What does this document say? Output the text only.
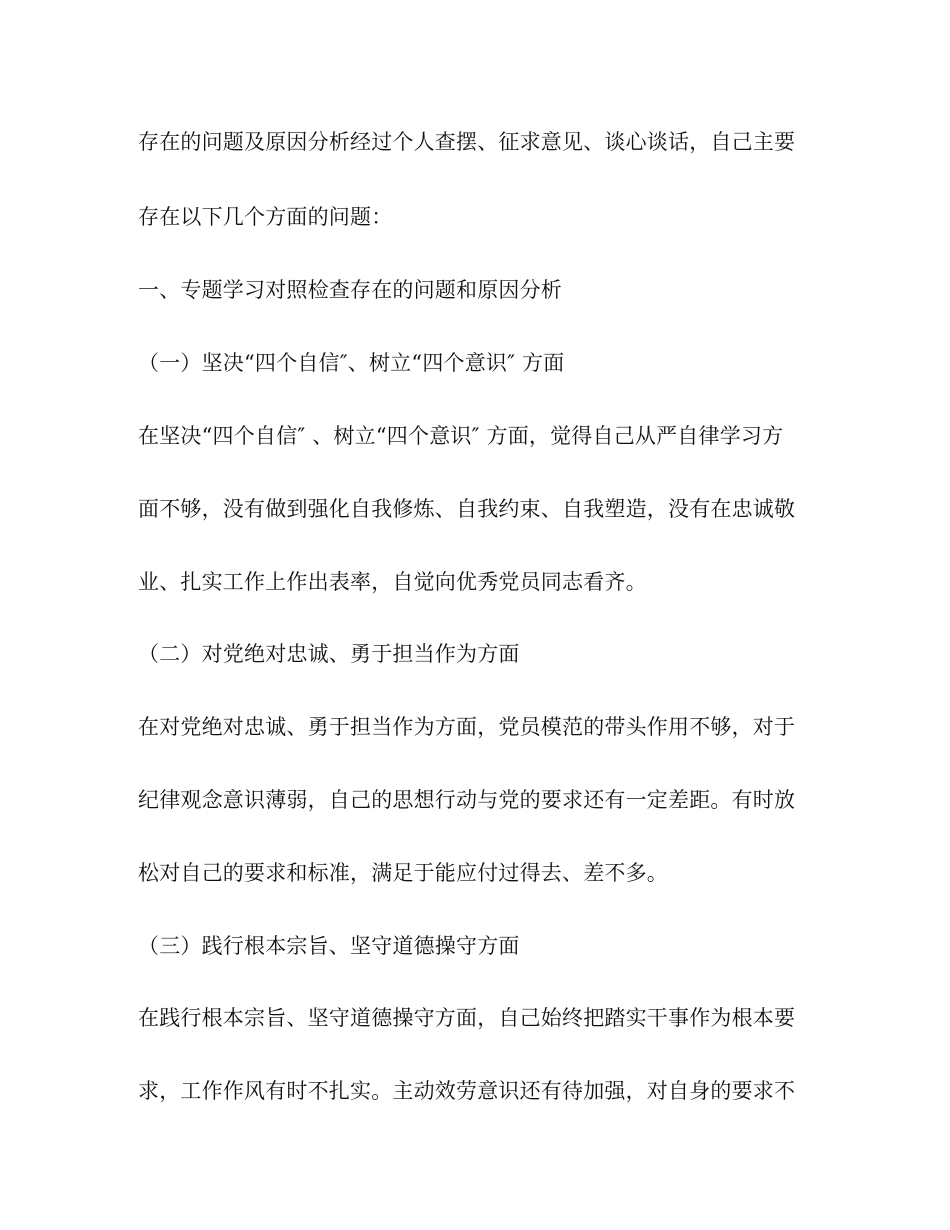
存在的问题及原因分析经过个人查摆、征求意见、谈心谈话，自己主要

存在以下几个方面的问题：

一、专题学习对照检查存在的问题和原因分析

（一）坚决“四个自信″、树立“四个意识″ 方面

在坚决“四个自信″ 、树立“四个意识″ 方面，觉得自己从严自律学习方

面不够，没有做到强化自我修炼、自我约束、自我塑造，没有在忠诚敬

业、扎实工作上作出表率，自觉向优秀党员同志看齐。

（二）对党绝对忠诚、勇于担当作为方面

在对党绝对忠诚、勇于担当作为方面，党员模范的带头作用不够，对于

纪律观念意识薄弱，自己的思想行动与党的要求还有一定差距。有时放

松对自己的要求和标准，满足于能应付过得去、差不多。

（三）践行根本宗旨、坚守道德操守方面

在践行根本宗旨、坚守道德操守方面，自己始终把踏实干事作为根本要

求，工作作风有时不扎实。主动效劳意识还有待加强，对自身的要求不
